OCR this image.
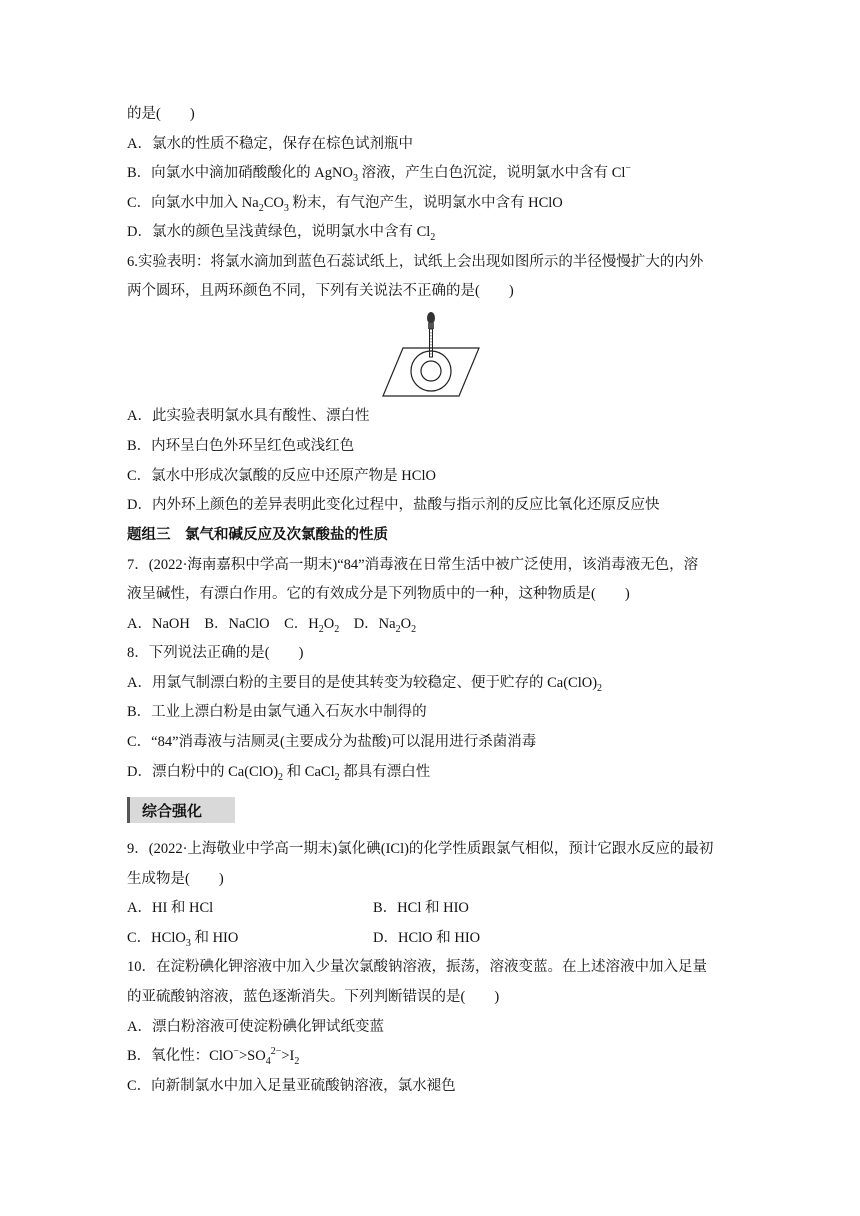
的是(　　)
A．氯水的性质不稳定，保存在棕色试剂瓶中
B．向氯水中滴加硝酸酸化的 AgNO$_3$ 溶液，产生白色沉淀，说明氯水中含有 Cl−
C．向氯水中加入 $Na_2CO_3$ 粉末，有气泡产生，说明氯水中含有 HClO
D．氯水的颜色呈浅黄绿色，说明氯水中含有 $Cl_2$
6.实验表明：将氯水滴加到蓝色石蕊试纸上，试纸上会出现如图所示的半径慢慢扩大的内外
两个圆环，且两环颜色不同，下列有关说法不正确的是(　　)
A．此实验表明氯水具有酸性、漂白性
B．内环呈白色外环呈红色或浅红色
C．氯水中形成次氯酸的反应中还原产物是 HClO
D．内外环上颜色的差异表明此变化过程中，盐酸与指示剂的反应比氧化还原反应快
题组三　氯气和碱反应及次氯酸盐的性质
7．(2022·海南嘉积中学高一期末)“84”消毒液在日常生活中被广泛使用，该消毒液无色，溶
液呈碱性，有漂白作用。它的有效成分是下列物质中的一种，这种物质是(　　)
A．NaOH　B．NaClO　C．$H_2O_2$　D．$Na_2O_2$
8．下列说法正确的是(　　)
A．用氯气制漂白粉的主要目的是使其转变为较稳定、便于贮存的 $Ca(ClO)_2$
B．工业上漂白粉是由氯气通入石灰水中制得的
C．“84”消毒液与洁厕灵(主要成分为盐酸)可以混用进行杀菌消毒
D．漂白粉中的 $Ca(ClO)_2$ 和 CaCl$_2$ 都具有漂白性
综合强化
9．(2022·上海敬业中学高一期末)氯化碘(ICl)的化学性质跟氯气相似，预计它跟水反应的最初
生成物是(　　)
A．HI 和 HCl	B．HCl 和 HIO
C．HClO$_3$ 和 HIO	D．HClO 和 HIO
10．在淀粉碘化钾溶液中加入少量次氯酸钠溶液，振荡，溶液变蓝。在上述溶液中加入足量
的亚硫酸钠溶液，蓝色逐渐消失。下列判断错误的是(　　)
A．漂白粉溶液可使淀粉碘化钾试纸变蓝
B．氧化性：$ClO^->SO_4^{2-}>I_2$
C．向新制氯水中加入足量亚硫酸钠溶液，氯水褪色
